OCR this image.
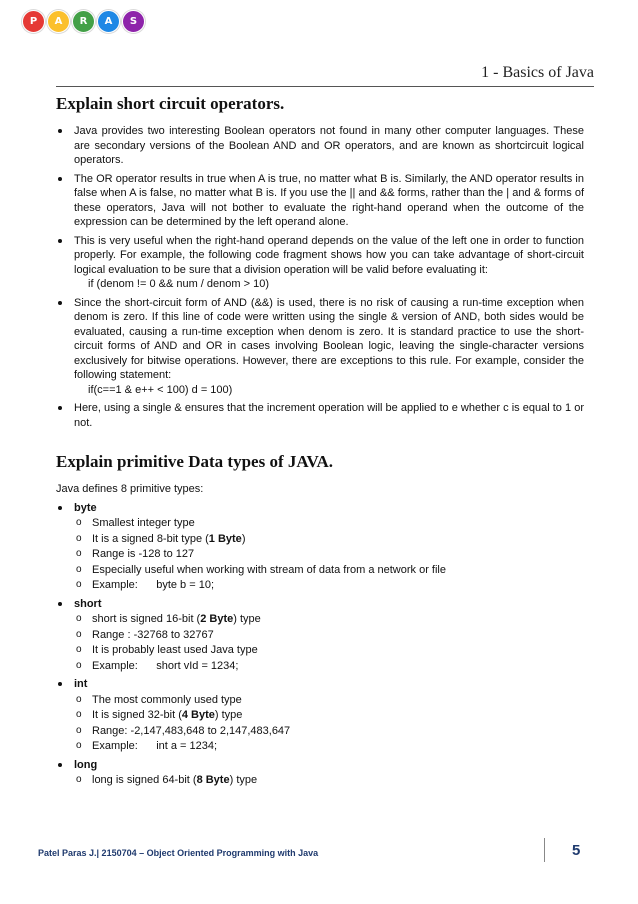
P	A	R	A	S
1 - Basics of Java
Explain short circuit operators.
Java provides two interesting Boolean operators not found in many other computer languages. These are secondary versions of the Boolean AND and OR operators, and are known as shortcircuit logical operators.
The OR operator results in true when A is true, no matter what B is. Similarly, the AND operator results in false when A is false, no matter what B is. If you use the || and && forms, rather than the | and & forms of these operators, Java will not bother to evaluate the right-hand operand when the outcome of the expression can be determined by the left operand alone.
This is very useful when the right-hand operand depends on the value of the left one in order to function properly. For example, the following code fragment shows how you can take advantage of short-circuit logical evaluation to be sure that a division operation will be valid before evaluating it:
if (denom != 0 && num / denom > 10)
Since the short-circuit form of AND (&&) is used, there is no risk of causing a run-time exception when denom is zero. If this line of code were written using the single & version of AND, both sides would be evaluated, causing a run-time exception when denom is zero. It is standard practice to use the short-circuit forms of AND and OR in cases involving Boolean logic, leaving the single-character versions exclusively for bitwise operations. However, there are exceptions to this rule. For example, consider the following statement:
if(c==1 & e++ < 100) d = 100)
Here, using a single & ensures that the increment operation will be applied to e whether c is equal to 1 or not.
Explain primitive Data types of JAVA.
Java defines 8 primitive types:
byte
o Smallest integer type
o It is a signed 8-bit type (1 Byte)
o Range is -128 to 127
o Especially useful when working with stream of data from a network or file
o Example: byte b = 10;
short
o short is signed 16-bit (2 Byte) type
o Range : -32768 to 32767
o It is probably least used Java type
o Example: short vId = 1234;
int
o The most commonly used type
o It is signed 32-bit (4 Byte) type
o Range: -2,147,483,648 to 2,147,483,647
o Example: int a = 1234;
long
o long is signed 64-bit (8 Byte) type
Patel Paras J.| 2150704 – Object Oriented Programming with Java	5
